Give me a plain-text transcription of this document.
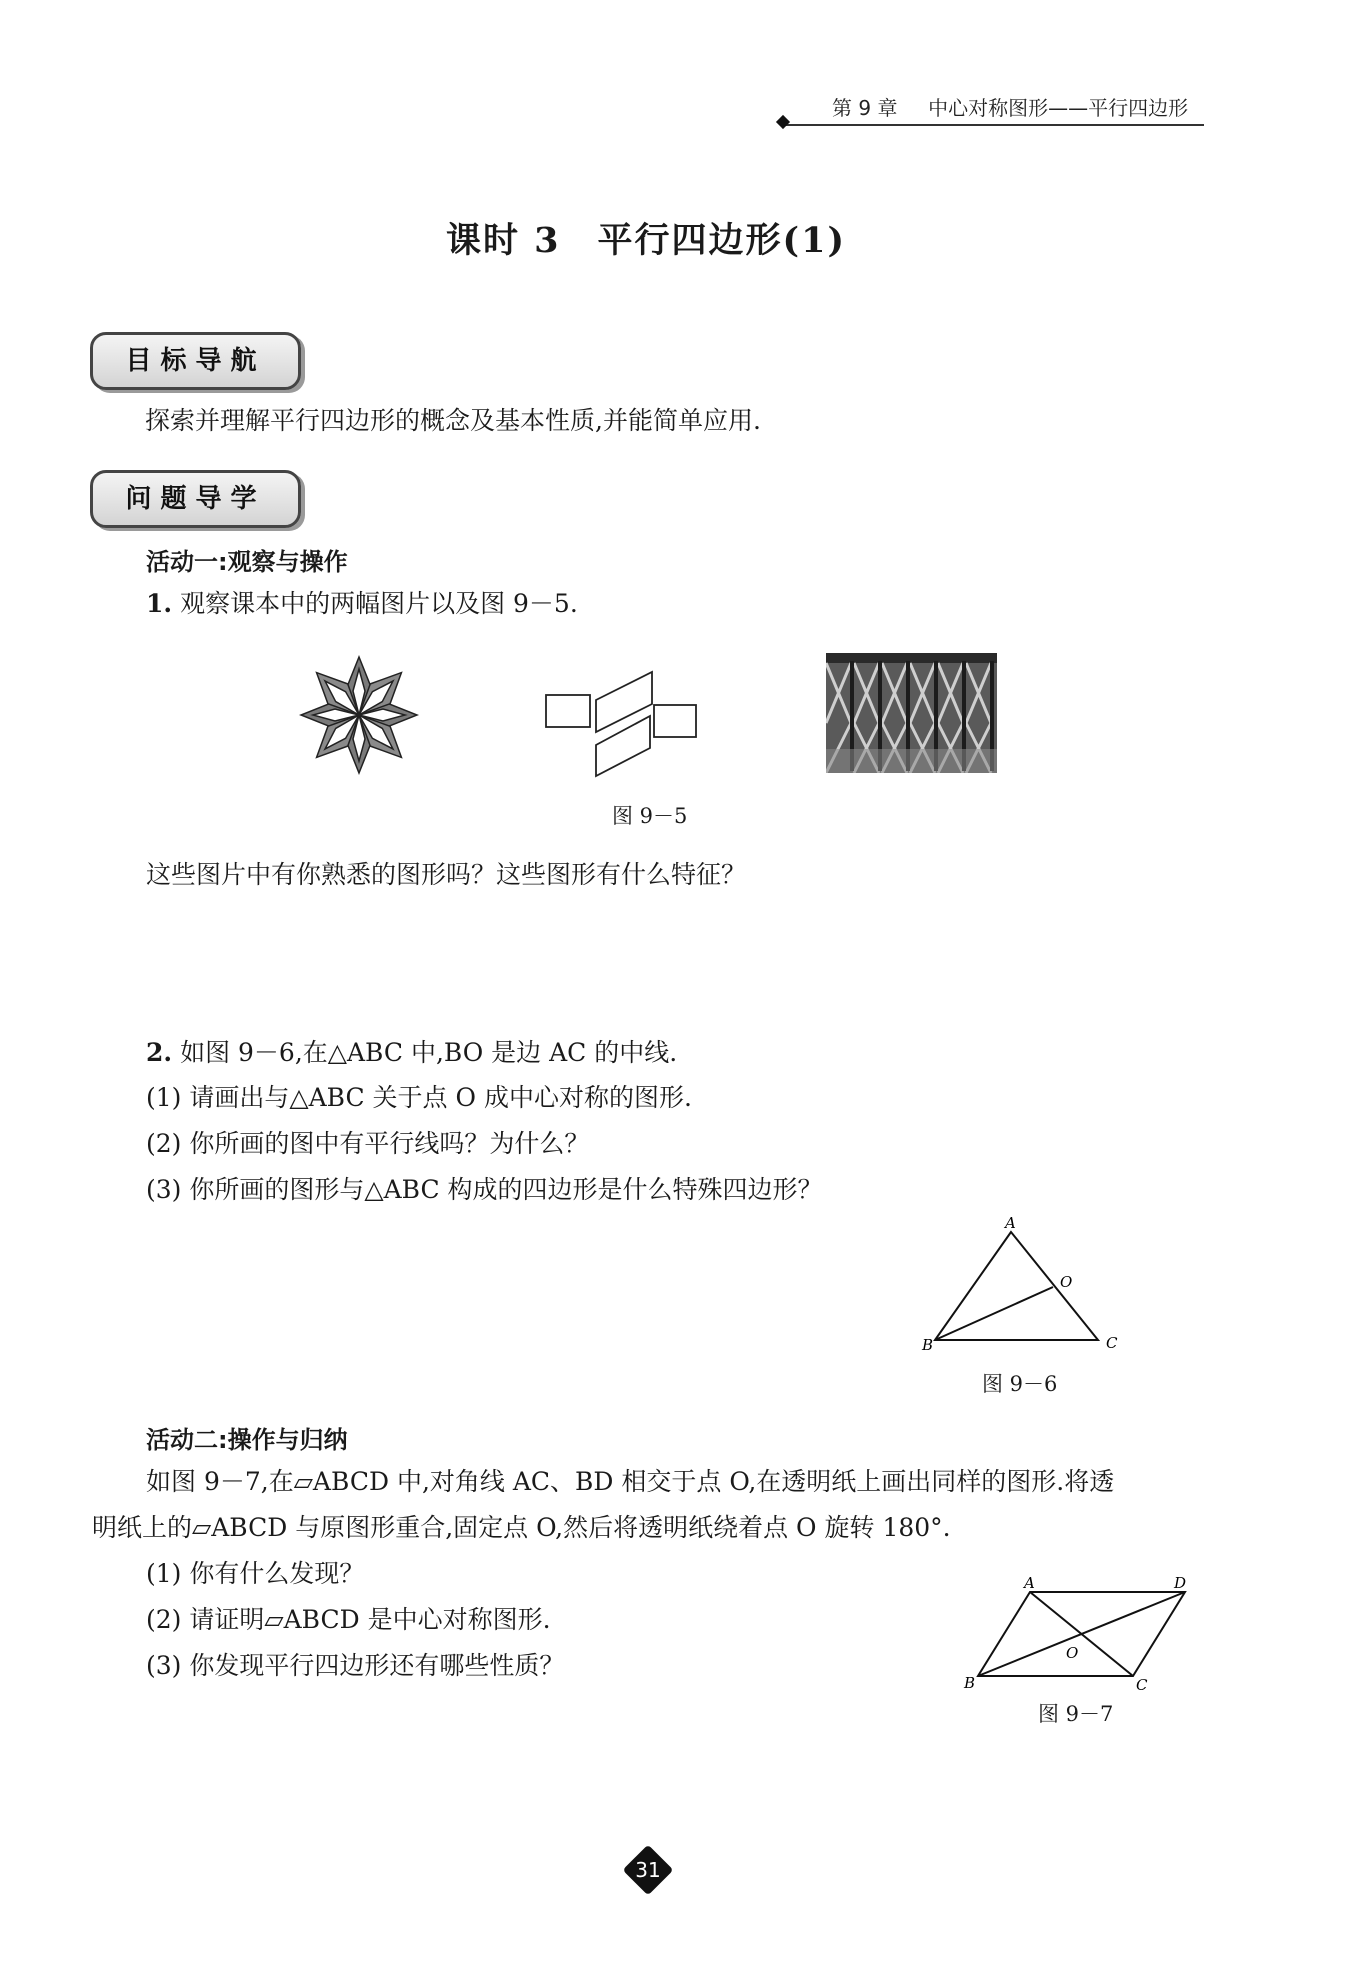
第 9 章 中心对称图形——平行四边形
课时 3　平行四边形(1)
目标导航
探索并理解平行四边形的概念及基本性质,并能简单应用.
问题导学
活动一:观察与操作
1. 观察课本中的两幅图片以及图 9－5.
图 9－5
这些图片中有你熟悉的图形吗？这些图形有什么特征？
2. 如图 9－6,在△ABC 中,BO 是边 AC 的中线.
(1) 请画出与△ABC 关于点 O 成中心对称的图形.
(2) 你所画的图中有平行线吗？为什么？
(3) 你所画的图形与△ABC 构成的四边形是什么特殊四边形？
A
B	C
O
图 9－6
活动二:操作与归纳
如图 9－7,在▱ABCD 中,对角线 AC、BD 相交于点 O,在透明纸上画出同样的图形.将透
明纸上的▱ABCD 与原图形重合,固定点 O,然后将透明纸绕着点 O 旋转 180°.
(1) 你有什么发现？
(2) 请证明▱ABCD 是中心对称图形.
(3) 你发现平行四边形还有哪些性质？
A	D
C
B
O
图 9－7
31
